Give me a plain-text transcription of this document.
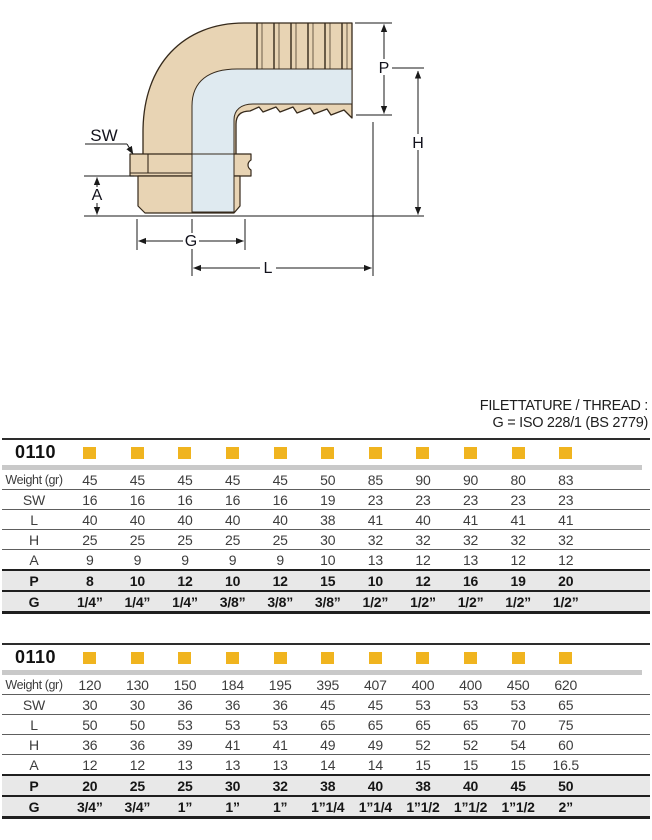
SW
A
G
L
P
H
FILETTATURE / THREAD :
G = ISO 228/1 (BS 2779)
0110
Weight (gr)	45	45	45	45	45	50	85	90	90	80	83
SW	16	16	16	16	16	19	23	23	23	23	23
L	40	40	40	40	40	38	41	40	41	41	41
H	25	25	25	25	25	30	32	32	32	32	32
A	9	9	9	9	9	10	13	12	13	12	12
P	8	10	12	10	12	15	10	12	16	19	20
G	1/4”	1/4”	1/4”	3/8”	3/8”	3/8”	1/2”	1/2”	1/2”	1/2”	1/2”
0110
Weight (gr)	120	130	150	184	195	395	407	400	400	450	620
SW	30	30	36	36	36	45	45	53	53	53	65
L	50	50	53	53	53	65	65	65	65	70	75
H	36	36	39	41	41	49	49	52	52	54	60
A	12	12	13	13	13	14	14	15	15	15	16.5
P	20	25	25	30	32	38	40	38	40	45	50
G	3/4”	3/4”	1”	1”	1”	1”1/4	1”1/4	1”1/2	1”1/2	1”1/2	2”
